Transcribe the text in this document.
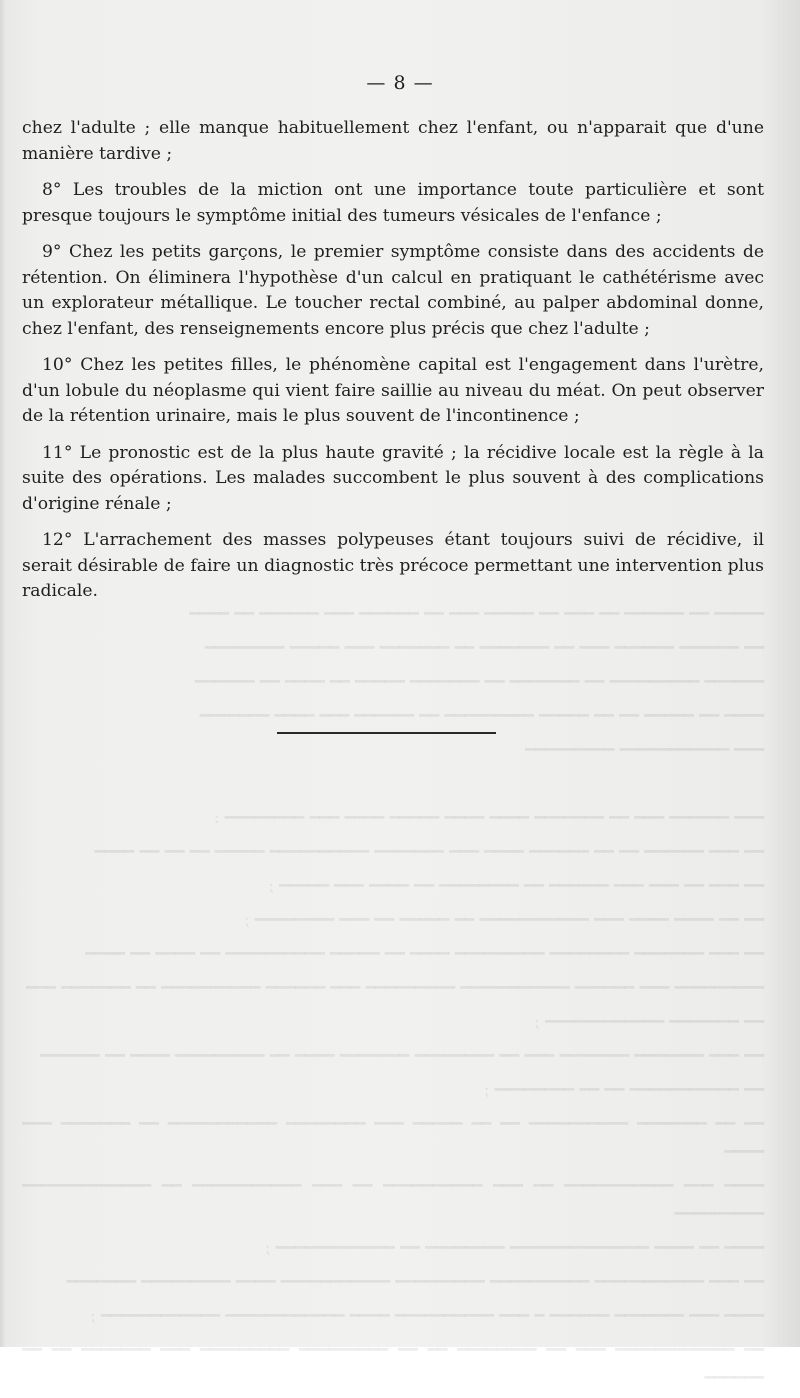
━━━━━ ━━ ━━━━━━ ━━ ━━━ ━━ ━━━━━ ━━━ ━━ ━━━━━━ ━━━ ━━━━━━ ━━ ━━━━

━━ ━━━━━━ ━━━━━━ ━━━ ━━ ━━━━━━━ ━━ ━━━━━━━ ━━━ ━━━━━ ━━━━━━━━

━━━━━━ ━━━━━━━━━ ━━ ━━━━━━━ ━━ ━━━━━━━ ━━━━━ ━━ ━━━━ ━━ ━━━━━━

━━━━ ━━ ━━━━━ ━━ ━━ ━━━━━ ━━━━━━━━━ ━━ ━━━━━━ ━━━ ━━━━ ━━━━━━━

━━━ ━━━━━━━━━━━ ━━━━━━━━━

━━━ ━━━━━━ ━━━ ━━ ━━━━━━━ ━━━━ ━━━━ ━━━━━ ━━━━ ━━━ ━━━━━━━━ :

━━ ━━━ ━━━━━━ ━━ ━━ ━━━━━━ ━━━━ ━━━ ━━━━━━━ ━━━━━━━━━━ ━━━━━ ━━ ━━ ━━ ━━━━

━━ ━━━ ━━ ━━━ ━━━ ━━━━━━ ━━ ━━━━━━━━ ━━ ━━━━ ━━━ ━━━━━ ;

━━ ━━ ━━━━ ━━━━ ━━━ ━━━━━━━━━━━ ━━ ━━━━━ ━━ ━━━ ━━━━━━━━ ;

━━ ━━━ ━━━━━━━ ━━━━━━━━ ━━━━━━━━━ ━━━━ ━━ ━━━━━ ━━━━━━━━━━ ━━ ━━━━ ━━ ━━━━

━━━━━━━━━ ━━━ ━━━━━━ ━━━━━━━━━━━ ━━━━━━━━━ ━━━ ━━━━━━ ━━━━━━━━━━ ━━ ━━━━━━━ ━━━

━━ ━━━━━━━ ━━━━━━━━━━━━ ;

━━ ━━━ ━━━━━━━ ━━━━━━━ ━━━ ━━ ━━━━━━━━ ━━━━━━━ ━━━━ ━━ ━━━━━━━━━ ━━━━ ━━ ━━━━━━

━━ ━━━━━━━━━━━ ━━ ━━ ━━━━━━━━ ;

━━ ━━ ━━━━━━━ ━━━━━━━━━━ ━━ ━━ ━━━━━ ━━━ ━━━━━━━━ ━━━━━━━━━━━ ━━ ━━━━━━━ ━━━ ━━━━

━━━━ ━━━ ━━━━━━━━━━━ ━━ ━━━ ━━━━━━━━━━ ━━ ━━━ ━━━━━━━━━━━ ━━ ━━━━━━━━━━━━━ ━━━━━━━━━

━━━━ ━━ ━━━━ ━━━━━━━━━━━━━━ ━━━━━━━━ ━━ ━━━━━━━━━━━━ ;

━━ ━━━ ━━━━━━━━━━━ ━━━━━━━━━━ ━━━━━━━━━ ━━━━━━━━━━━ ━━━━ ━━━━━━━━━ ━━━━━━━

━━━━ ━━━ ━━━━━━━ ━━━━━━ ━ ━━━ ━━━━━━━━━━ ━━━━ ━━━━━━━━━━━━ ━━━━━━━━━━━━ ;

━━ ━━━━━━━━━━━━ ━━━ ━━ ━━━━━━━━ ━━ ━━ ━━━━━━━━━ ━━━━━━━━━ ━━━ ━━━━━━━ ━━ ━━ ━━━━━━

— 8 —

chez l'adulte ; elle manque habituellement chez l'enfant, ou n'apparait que d'une manière tardive ;

8° Les troubles de la miction ont une importance toute particulière et sont presque toujours le symptôme initial des tumeurs vésicales de l'enfance ;

9° Chez les petits garçons, le premier symptôme consiste dans des accidents de rétention. On éliminera l'hypothèse d'un calcul en pratiquant le cathétérisme avec un explorateur métallique. Le toucher rectal combiné, au palper abdominal donne, chez l'enfant, des renseignements encore plus précis que chez l'adulte ;

10° Chez les petites filles, le phénomène capital est l'engagement dans l'urètre, d'un lobule du néoplasme qui vient faire saillie au niveau du méat. On peut observer de la rétention urinaire, mais le plus souvent de l'incontinence ;

11° Le pronostic est de la plus haute gravité ; la récidive locale est la règle à la suite des opérations. Les malades succombent le plus souvent à des complications d'origine rénale ;

12° L'arrachement des masses polypeuses étant toujours suivi de récidive, il serait désirable de faire un diagnostic très précoce permettant une intervention plus radicale.
